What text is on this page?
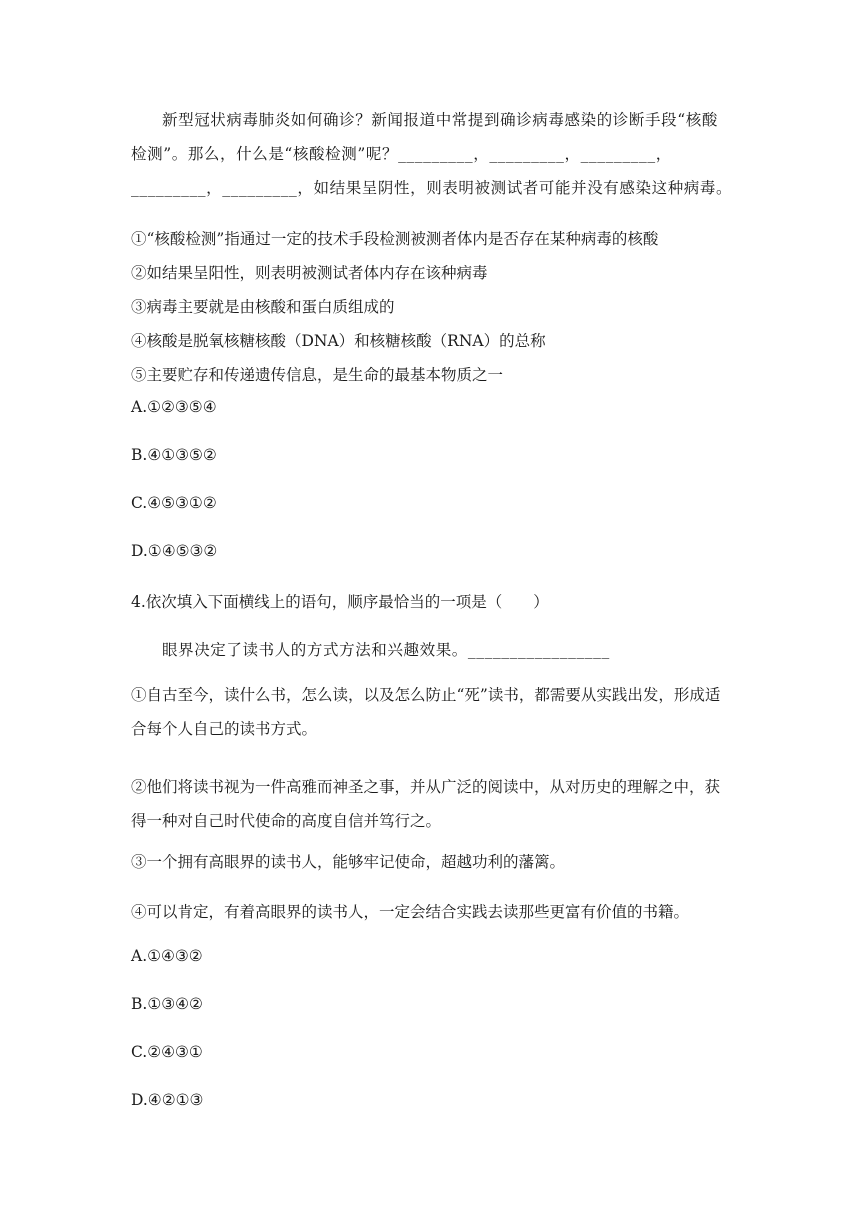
新型冠状病毒肺炎如何确诊？新闻报道中常提到确诊病毒感染的诊断手段“核酸检测”。那么，什么是“核酸检测”呢？_________，_________，_________，_________，_________，如结果呈阴性，则表明被测试者可能并没有感染这种病毒。

①“核酸检测”指通过一定的技术手段检测被测者体内是否存在某种病毒的核酸
②如结果呈阳性，则表明被测试者体内存在该种病毒
③病毒主要就是由核酸和蛋白质组成的
④核酸是脱氧核糖核酸（DNA）和核糖核酸（RNA）的总称
⑤主要贮存和传递遗传信息，是生命的最基本物质之一
A.①②③⑤④
B.④①③⑤②
C.④⑤③①②
D.①④⑤③②
4.依次填入下面横线上的语句，顺序最恰当的一项是（　　）
眼界决定了读书人的方式方法和兴趣效果。_________________

①自古至今，读什么书，怎么读，以及怎么防止“死”读书，都需要从实践出发，形成适合每个人自己的读书方式。

②他们将读书视为一件高雅而神圣之事，并从广泛的阅读中，从对历史的理解之中，获得一种对自己时代使命的高度自信并笃行之。

③一个拥有高眼界的读书人，能够牢记使命，超越功利的藩篱。

④可以肯定，有着高眼界的读书人，一定会结合实践去读那些更富有价值的书籍。

A.①④③②
B.①③④②
C.②④③①
D.④②①③
